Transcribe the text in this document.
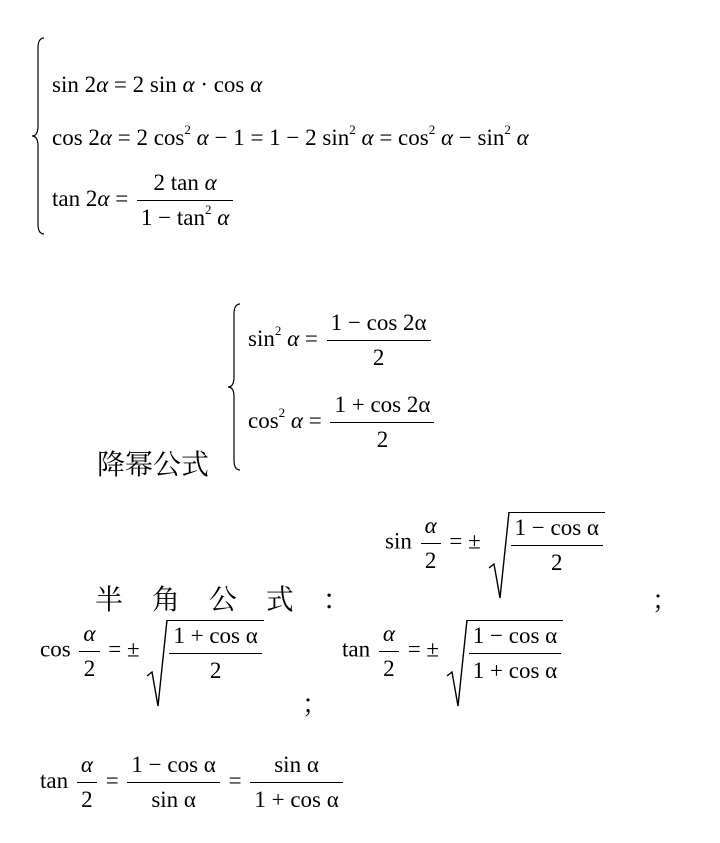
sin 2α = 2 sin α · cos α
cos 2α = 2 $\cos^2 \alpha - 1 = 1 - 2$ $\sin^2 \alpha = \cos^2 \alpha - \sin^2 \alpha$
$\tan 2\alpha = \frac{\text{2 tan α}}{1 - \tan^2 \alpha}$
$\sin^2 \alpha = \frac{1 - \cos 2\alpha}{2}$
$\cos^2 \alpha = \frac{1 + \cos 2\alpha}{2}$
降幂公式
半 角 公 式 ：
$\sin \frac{\alpha}{2}$ = ± $\frac{\text{1 − cos α}}{2}$
；
$\cos \frac{\alpha}{2}$ = ± $\frac{\text{1 + cos α}}{2}$
；
$\tan \frac{\alpha}{2}$ = ± $\frac{\text{1 − cos α}}{\text{1 + cos α}}$
$\tan \frac{\alpha}{2} = \frac{\text{1 − cos α}}{\text{sin α}} = \frac{\text{sin α}}{\text{1 + cos α}}$
